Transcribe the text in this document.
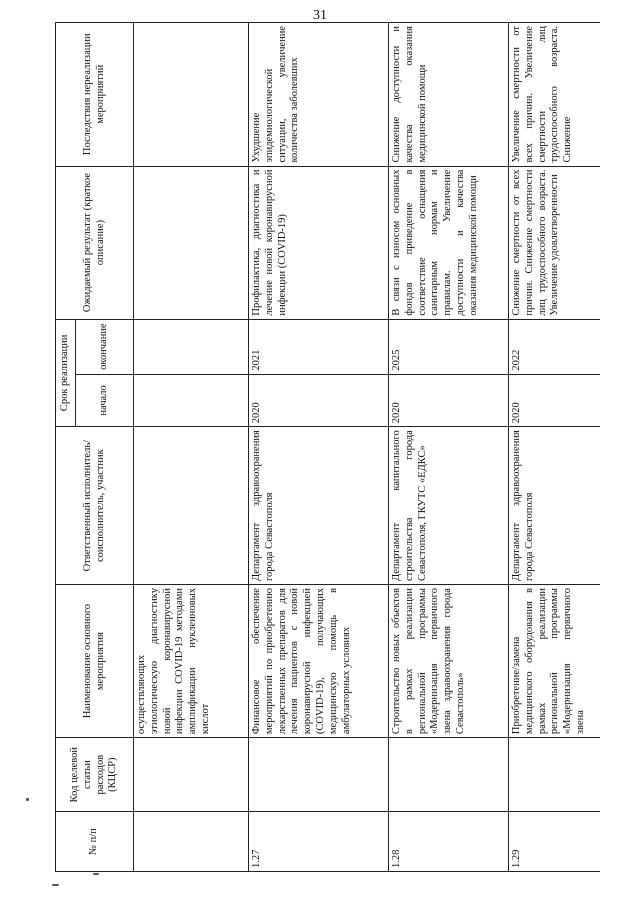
31
№ п/п	Код целевой статьи расходов (КЦСР)	Наименование основного мероприятия	Ответственный исполнитель/соисполнитель, участник	Срок реализации		Ожидаемый результат (краткое описание)	Последствия нереализации мероприятий
				начало	окончание		
		осуществляющих этиологическую диагностику новой коронавирусной инфекции COVID-19 методами амплификации нуклеиновых кислот					
1.27		Финансовое обеспечение мероприятий по приобретению лекарственных препаратов для лечения пациентов с новой коронавирусной инфекцией (COVID-19), получающих медицинскую помощь в амбулаторных условиях	Департамент здравоохранения города Севастополя	2020	2021	Профилактика, диагностика и лечение новой коронавирусной инфекции (COVID-19)	Ухудшение эпидемиологической ситуации, увеличение количества заболевших
1.28		Строительство новых объектов в рамках реализации региональной программы «Модернизация первичного звена здравоохранения города Севастополь»	Департамент капитального строительства города Севастополя, ГКУТС «ЕДКС»	2020	2025	В связи с износом основных фондов приведение в соответствие оснащения санитарным нормам и правилам. Увеличение доступности и качества оказания медицинской помощи	Снижение доступности и качества оказания медицинской помощи
1.29		Приобретение/замена медицинского оборудования в рамках реализации региональной программы «Модернизация первичного звена	Департамент здравоохранения города Севастополя	2020	2022	Снижение смертности от всех причин. Снижение смертности лиц трудоспособного возраста. Увеличение удовлетворенности	Увеличение смертности от всех причин. Увеличение смертности лиц трудоспособного возраста. Снижение
